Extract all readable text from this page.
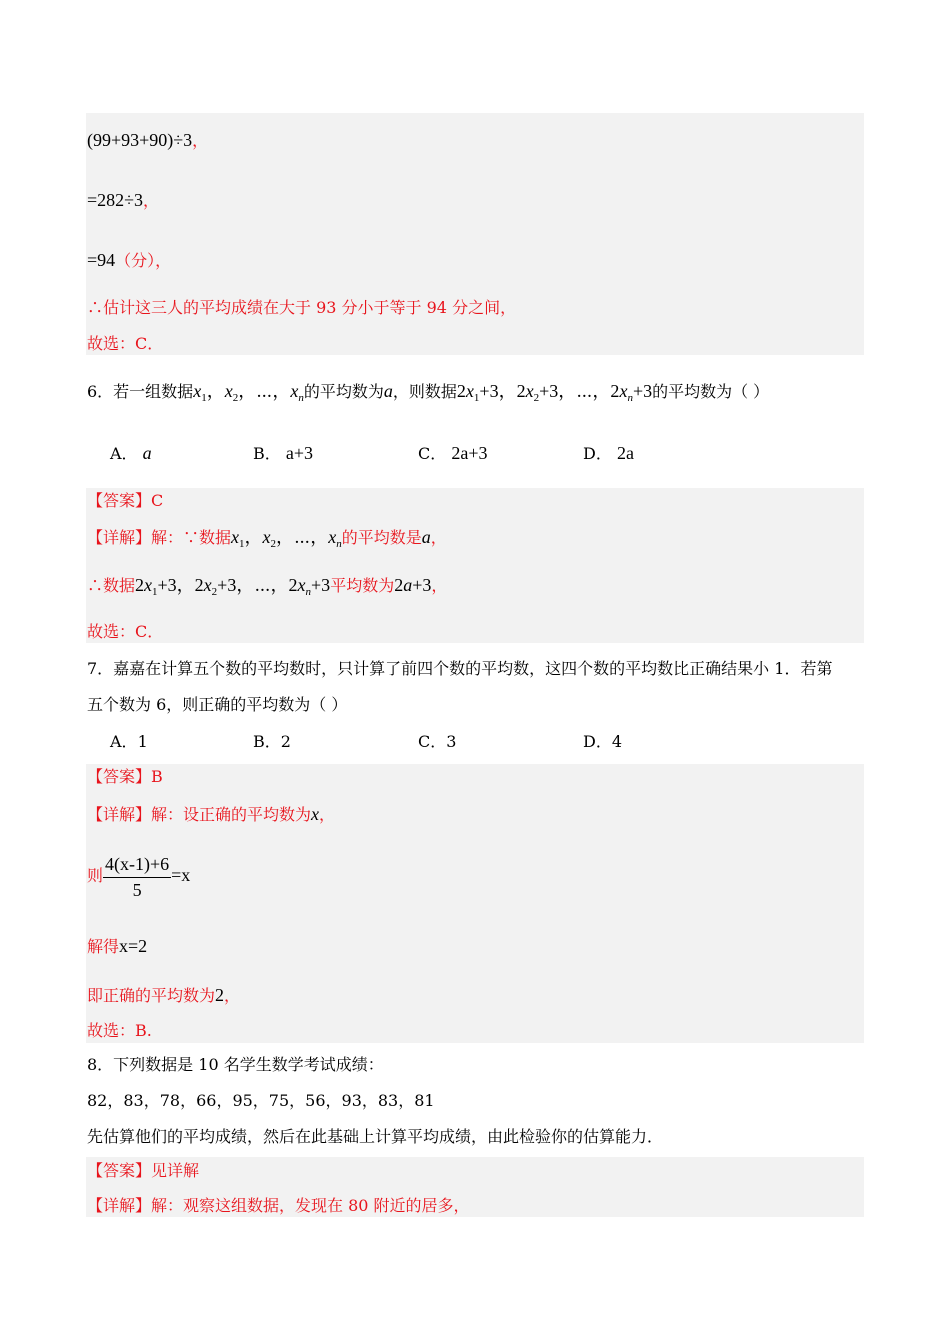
(99+93+90)÷3，
=282÷3，
=94（分），
∴估计这三人的平均成绩在大于 93 分小于等于 94 分之间，
故选：C．
6．若一组数据$x_1$，$x_2$，⋯，$x_n$的平均数为a，则数据$2x_1+3$，$2x_2+3$，⋯，$2x_n+3$的平均数为（ ）
A． a	B． a+3	C． 2a+3	D． 2a
【答案】C
【详解】解：∵数据$x_1$，$x_2$，⋯，$x_n$的平均数是a，
∴数据$2x_1+3$，$2x_2+3$，⋯，$2x_n+3$平均数为2a+3，
故选：C．
7．嘉嘉在计算五个数的平均数时，只计算了前四个数的平均数，这四个数的平均数比正确结果小 1．若第
五个数为 6，则正确的平均数为（ ）
A．1	B．2	C．3	D．4
【答案】B
【详解】解：设正确的平均数为x，
则 $\frac{4(x-1)+6}{5} =x$
解得x=2
即正确的平均数为2，
故选：B.
8．下列数据是 10 名学生数学考试成绩：
82，83，78，66，95，75，56，93，83，81
先估算他们的平均成绩，然后在此基础上计算平均成绩，由此检验你的估算能力．
【答案】见详解
【详解】解：观察这组数据，发现在 80 附近的居多，
